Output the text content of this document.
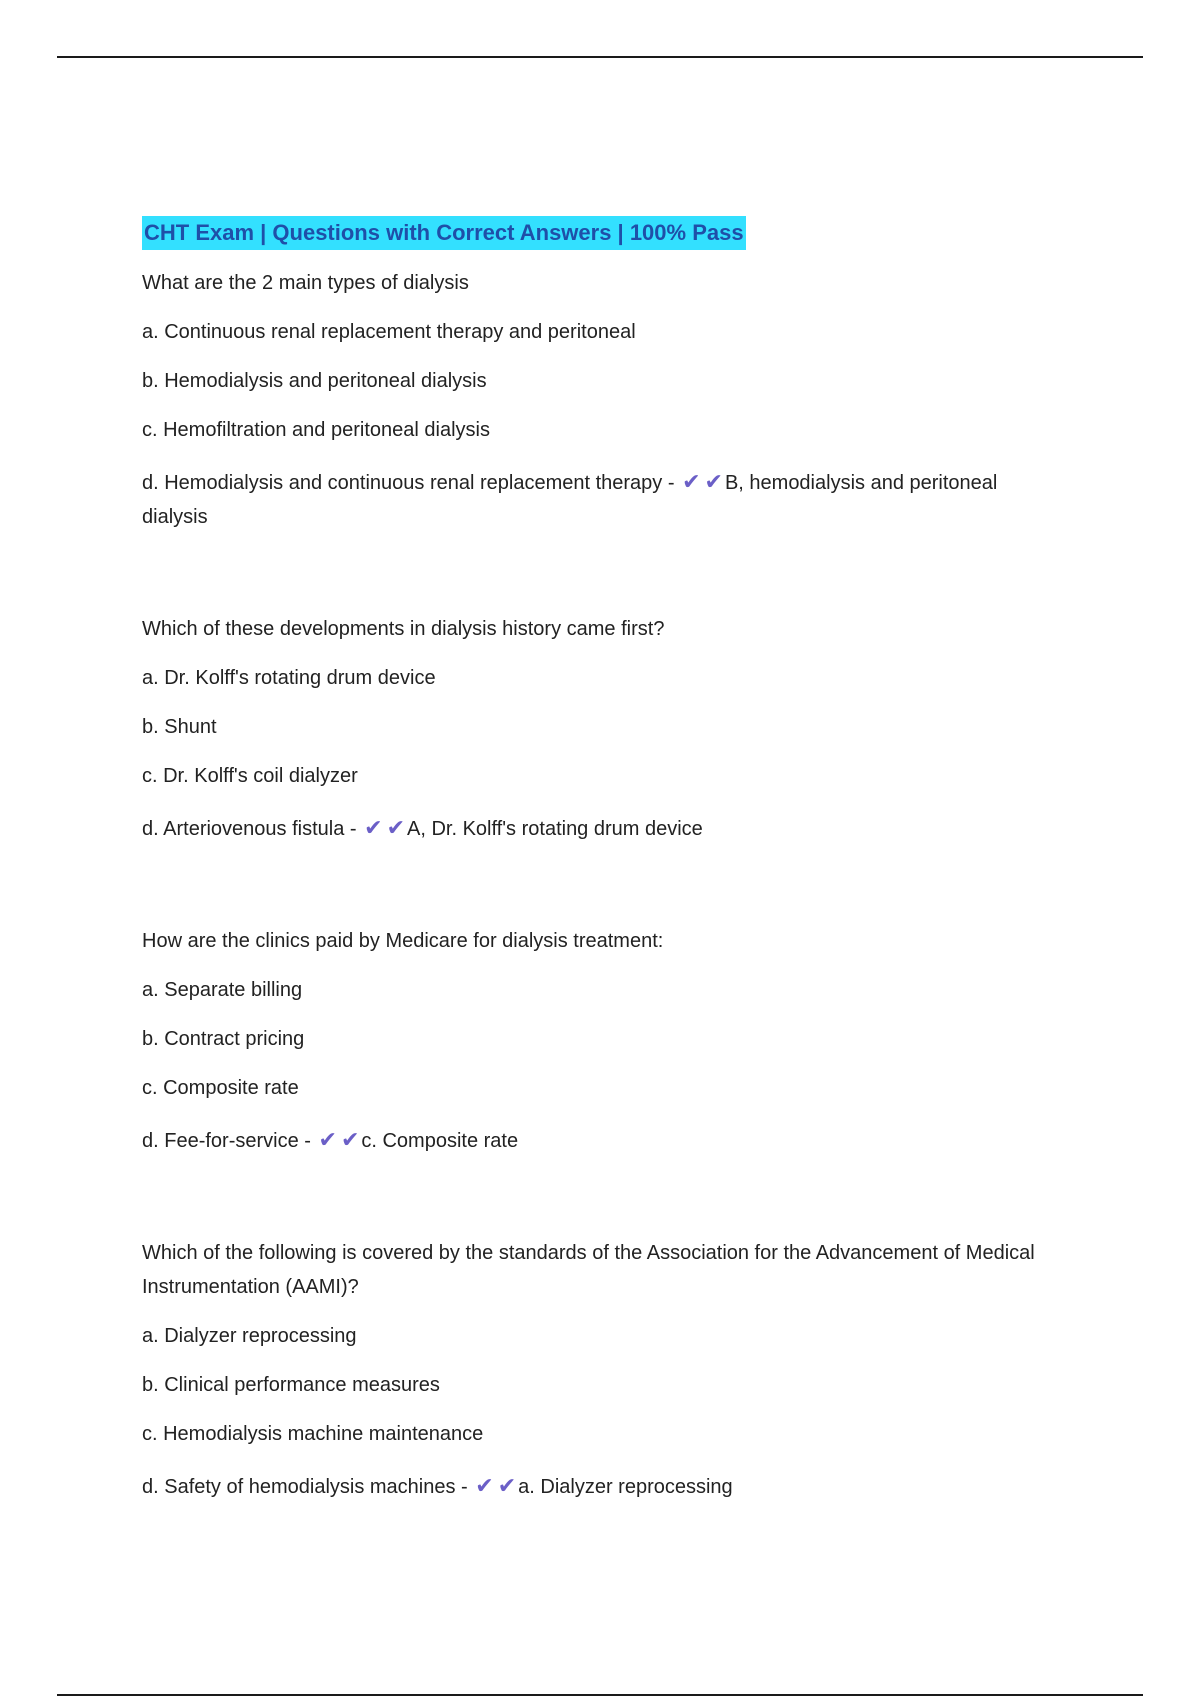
CHT Exam | Questions with Correct Answers | 100% Pass

What are the 2 main types of dialysis

a. Continuous renal replacement therapy and peritoneal

b. Hemodialysis and peritoneal dialysis

c. Hemofiltration and peritoneal dialysis

d. Hemodialysis and continuous renal replacement therapy - ✔ ✔ B, hemodialysis and peritoneal dialysis

Which of these developments in dialysis history came first?

a. Dr. Kolff's rotating drum device

b. Shunt

c. Dr. Kolff's coil dialyzer

d. Arteriovenous fistula - ✔ ✔ A, Dr. Kolff's rotating drum device

How are the clinics paid by Medicare for dialysis treatment:

a. Separate billing

b. Contract pricing

c. Composite rate

d. Fee-for-service - ✔ ✔ c. Composite rate

Which of the following is covered by the standards of the Association for the Advancement of Medical Instrumentation (AAMI)?

a. Dialyzer reprocessing

b. Clinical performance measures

c. Hemodialysis machine maintenance

d. Safety of hemodialysis machines - ✔ ✔ a. Dialyzer reprocessing
